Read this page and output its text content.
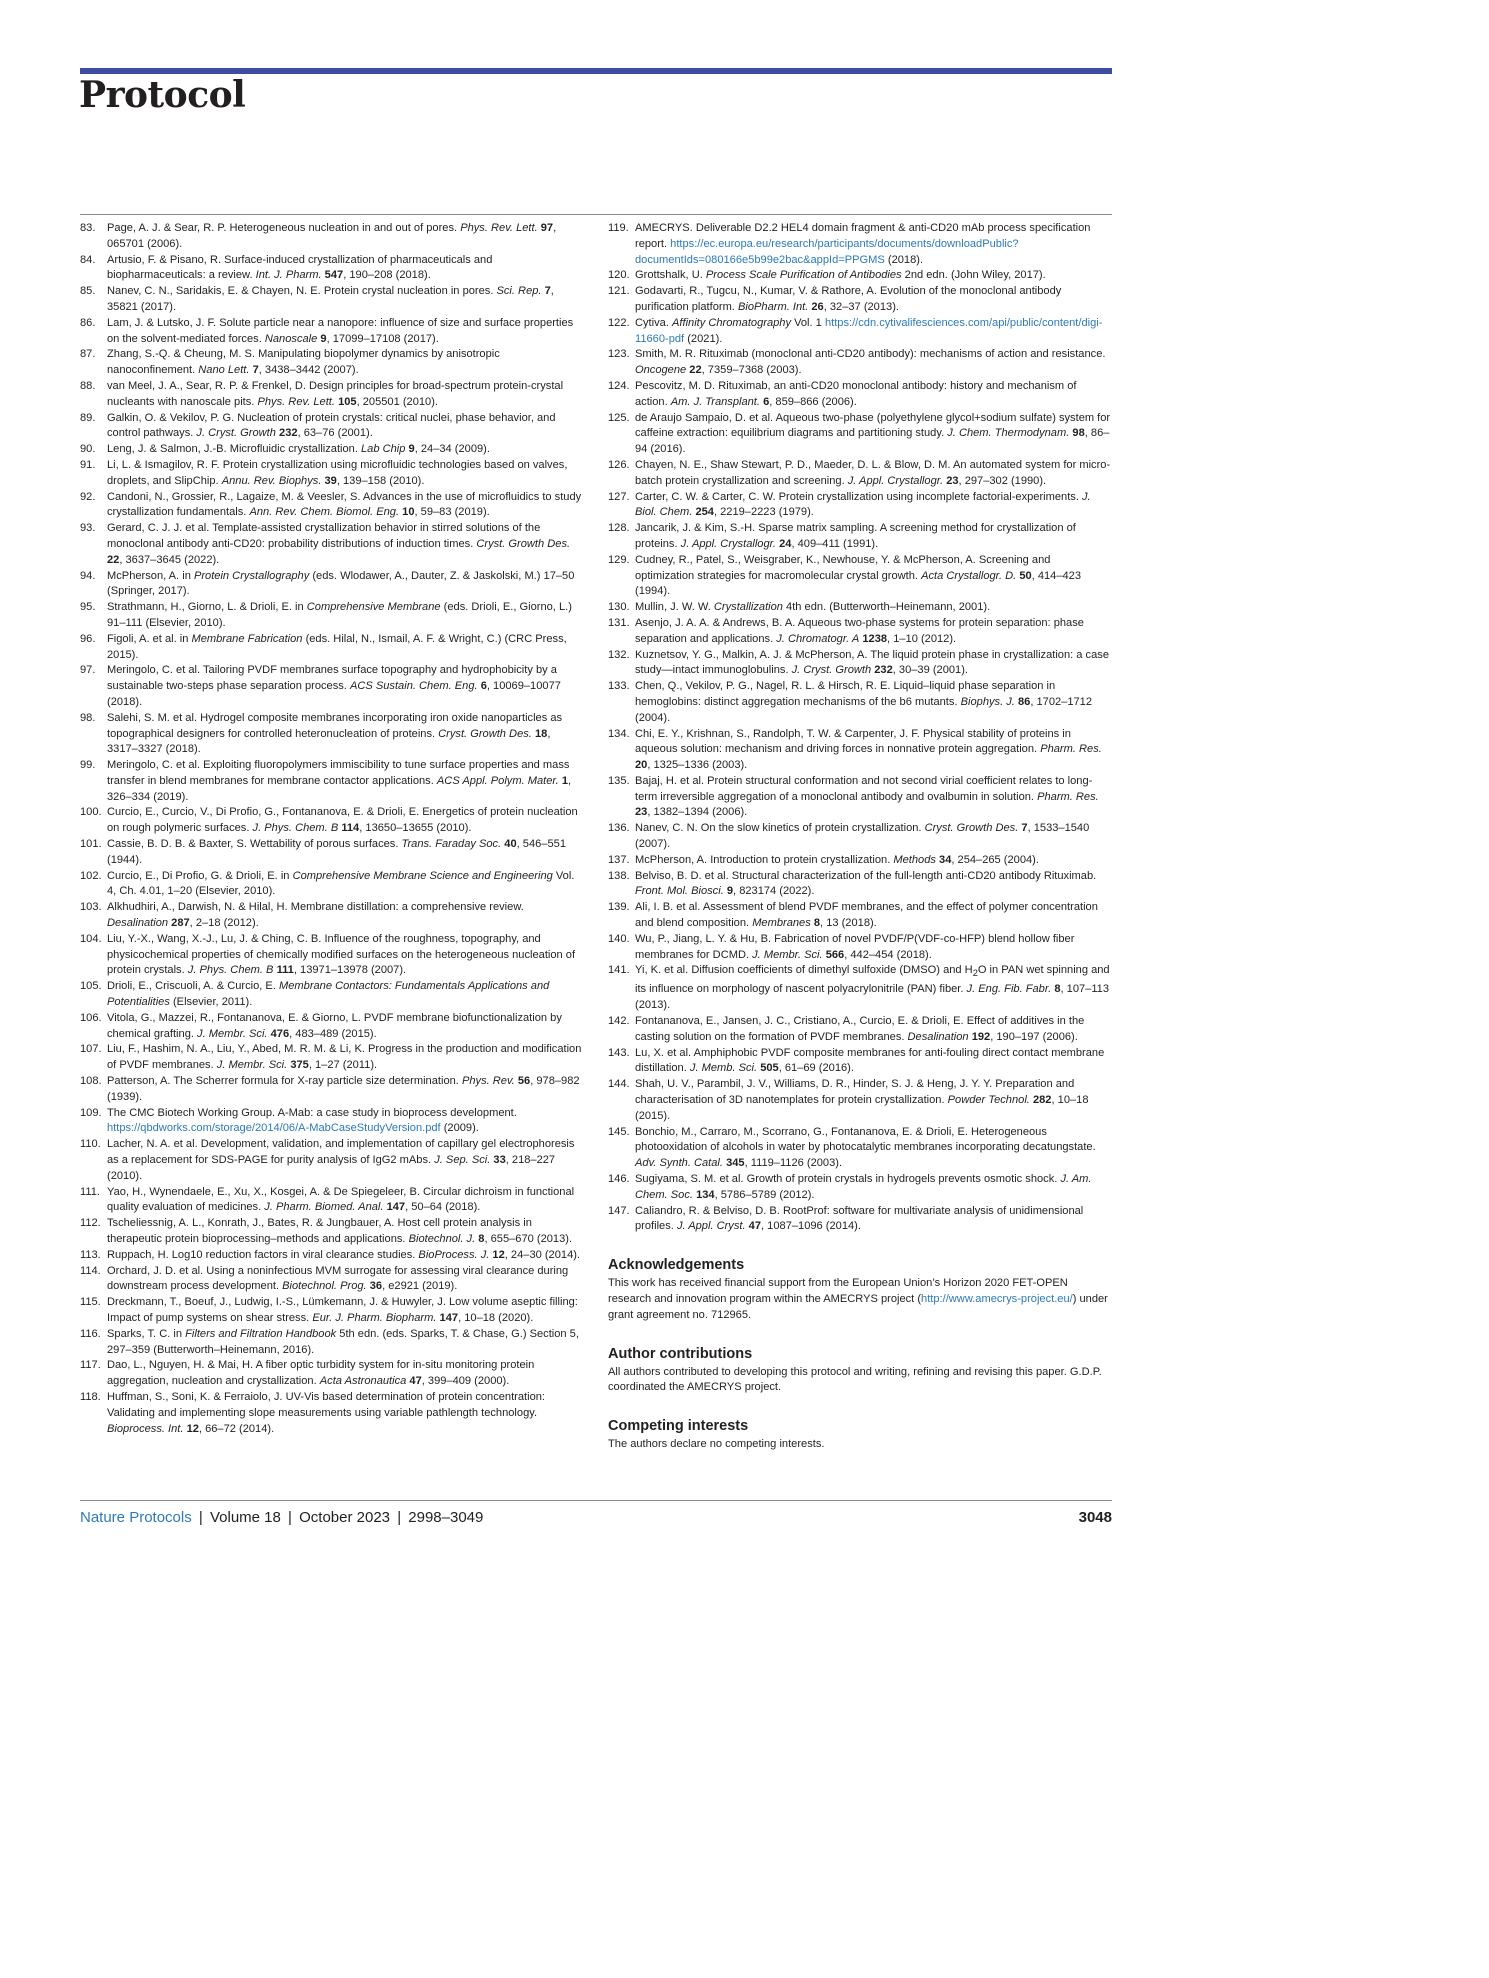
Protocol
83.	Page, A. J. & Sear, R. P. Heterogeneous nucleation in and out of pores. Phys. Rev. Lett. 97, 065701 (2006).
84.	Artusio, F. & Pisano, R. Surface-induced crystallization of pharmaceuticals and biopharmaceuticals: a review. Int. J. Pharm. 547, 190–208 (2018).
85.	Nanev, C. N., Saridakis, E. & Chayen, N. E. Protein crystal nucleation in pores. Sci. Rep. 7, 35821 (2017).
86.	Lam, J. & Lutsko, J. F. Solute particle near a nanopore: influence of size and surface properties on the solvent-mediated forces. Nanoscale 9, 17099–17108 (2017).
87.	Zhang, S.-Q. & Cheung, M. S. Manipulating biopolymer dynamics by anisotropic nanoconfinement. Nano Lett. 7, 3438–3442 (2007).
88.	van Meel, J. A., Sear, R. P. & Frenkel, D. Design principles for broad-spectrum protein-crystal nucleants with nanoscale pits. Phys. Rev. Lett. 105, 205501 (2010).
89.	Galkin, O. & Vekilov, P. G. Nucleation of protein crystals: critical nuclei, phase behavior, and control pathways. J. Cryst. Growth 232, 63–76 (2001).
90.	Leng, J. & Salmon, J.-B. Microfluidic crystallization. Lab Chip 9, 24–34 (2009).
91.	Li, L. & Ismagilov, R. F. Protein crystallization using microfluidic technologies based on valves, droplets, and SlipChip. Annu. Rev. Biophys. 39, 139–158 (2010).
92.	Candoni, N., Grossier, R., Lagaize, M. & Veesler, S. Advances in the use of microfluidics to study crystallization fundamentals. Ann. Rev. Chem. Biomol. Eng. 10, 59–83 (2019).
93.	Gerard, C. J. J. et al. Template-assisted crystallization behavior in stirred solutions of the monoclonal antibody anti-CD20: probability distributions of induction times. Cryst. Growth Des. 22, 3637–3645 (2022).
94.	McPherson, A. in Protein Crystallography (eds. Wlodawer, A., Dauter, Z. & Jaskolski, M.) 17–50 (Springer, 2017).
95.	Strathmann, H., Giorno, L. & Drioli, E. in Comprehensive Membrane (eds. Drioli, E., Giorno, L.) 91–111 (Elsevier, 2010).
96.	Figoli, A. et al. in Membrane Fabrication (eds. Hilal, N., Ismail, A. F. & Wright, C.) (CRC Press, 2015).
97.	Meringolo, C. et al. Tailoring PVDF membranes surface topography and hydrophobicity by a sustainable two-steps phase separation process. ACS Sustain. Chem. Eng. 6, 10069–10077 (2018).
98.	Salehi, S. M. et al. Hydrogel composite membranes incorporating iron oxide nanoparticles as topographical designers for controlled heteronucleation of proteins. Cryst. Growth Des. 18, 3317–3327 (2018).
99.	Meringolo, C. et al. Exploiting fluoropolymers immiscibility to tune surface properties and mass transfer in blend membranes for membrane contactor applications. ACS Appl. Polym. Mater. 1, 326–334 (2019).
100. Curcio, E., Curcio, V., Di Profio, G., Fontananova, E. & Drioli, E. Energetics of protein nucleation on rough polymeric surfaces. J. Phys. Chem. B 114, 13650–13655 (2010).
101. Cassie, B. D. B. & Baxter, S. Wettability of porous surfaces. Trans. Faraday Soc. 40, 546–551 (1944).
102. Curcio, E., Di Profio, G. & Drioli, E. in Comprehensive Membrane Science and Engineering Vol. 4, Ch. 4.01, 1–20 (Elsevier, 2010).
103. Alkhudhiri, A., Darwish, N. & Hilal, H. Membrane distillation: a comprehensive review. Desalination 287, 2–18 (2012).
104. Liu, Y.-X., Wang, X.-J., Lu, J. & Ching, C. B. Influence of the roughness, topography, and physicochemical properties of chemically modified surfaces on the heterogeneous nucleation of protein crystals. J. Phys. Chem. B 111, 13971–13978 (2007).
105. Drioli, E., Criscuoli, A. & Curcio, E. Membrane Contactors: Fundamentals Applications and Potentialities (Elsevier, 2011).
106. Vitola, G., Mazzei, R., Fontananova, E. & Giorno, L. PVDF membrane biofunctionalization by chemical grafting. J. Membr. Sci. 476, 483–489 (2015).
107. Liu, F., Hashim, N. A., Liu, Y., Abed, M. R. M. & Li, K. Progress in the production and modification of PVDF membranes. J. Membr. Sci. 375, 1–27 (2011).
108. Patterson, A. The Scherrer formula for X-ray particle size determination. Phys. Rev. 56, 978–982 (1939).
109. The CMC Biotech Working Group. A-Mab: a case study in bioprocess development. https://qbdworks.com/storage/2014/06/A-MabCaseStudyVersion.pdf (2009).
110. Lacher, N. A. et al. Development, validation, and implementation of capillary gel electrophoresis as a replacement for SDS-PAGE for purity analysis of IgG2 mAbs. J. Sep. Sci. 33, 218–227 (2010).
111. Yao, H., Wynendaele, E., Xu, X., Kosgei, A. & De Spiegeleer, B. Circular dichroism in functional quality evaluation of medicines. J. Pharm. Biomed. Anal. 147, 50–64 (2018).
112. Tscheliessnig, A. L., Konrath, J., Bates, R. & Jungbauer, A. Host cell protein analysis in therapeutic protein bioprocessing–methods and applications. Biotechnol. J. 8, 655–670 (2013).
113. Ruppach, H. Log10 reduction factors in viral clearance studies. BioProcess. J. 12, 24–30 (2014).
114. Orchard, J. D. et al. Using a noninfectious MVM surrogate for assessing viral clearance during downstream process development. Biotechnol. Prog. 36, e2921 (2019).
115. Dreckmann, T., Boeuf, J., Ludwig, I.-S., Lümkemann, J. & Huwyler, J. Low volume aseptic filling: Impact of pump systems on shear stress. Eur. J. Pharm. Biopharm. 147, 10–18 (2020).
116. Sparks, T. C. in Filters and Filtration Handbook 5th edn. (eds. Sparks, T. & Chase, G.) Section 5, 297–359 (Butterworth–Heinemann, 2016).
117. Dao, L., Nguyen, H. & Mai, H. A fiber optic turbidity system for in-situ monitoring protein aggregation, nucleation and crystallization. Acta Astronautica 47, 399–409 (2000).
118. Huffman, S., Soni, K. & Ferraiolo, J. UV-Vis based determination of protein concentration: Validating and implementing slope measurements using variable pathlength technology. Bioprocess. Int. 12, 66–72 (2014).
119. AMECRYS. Deliverable D2.2 HEL4 domain fragment & anti-CD20 mAb process specification report. https://ec.europa.eu/research/participants/documents/downloadPublic?documentIds=080166e5b99e2bac&appId=PPGMS (2018).
120. Grottshalk, U. Process Scale Purification of Antibodies 2nd edn. (John Wiley, 2017).
121. Godavarti, R., Tugcu, N., Kumar, V. & Rathore, A. Evolution of the monoclonal antibody purification platform. BioPharm. Int. 26, 32–37 (2013).
122. Cytiva. Affinity Chromatography Vol. 1 https://cdn.cytivalifesciences.com/api/public/content/digi-11660-pdf (2021).
123. Smith, M. R. Rituximab (monoclonal anti-CD20 antibody): mechanisms of action and resistance. Oncogene 22, 7359–7368 (2003).
124. Pescovitz, M. D. Rituximab, an anti-CD20 monoclonal antibody: history and mechanism of action. Am. J. Transplant. 6, 859–866 (2006).
125. de Araujo Sampaio, D. et al. Aqueous two-phase (polyethylene glycol+sodium sulfate) system for caffeine extraction: equilibrium diagrams and partitioning study. J. Chem. Thermodynam. 98, 86–94 (2016).
126. Chayen, N. E., Shaw Stewart, P. D., Maeder, D. L. & Blow, D. M. An automated system for micro-batch protein crystallization and screening. J. Appl. Crystallogr. 23, 297–302 (1990).
127. Carter, C. W. & Carter, C. W. Protein crystallization using incomplete factorial-experiments. J. Biol. Chem. 254, 2219–2223 (1979).
128. Jancarik, J. & Kim, S.-H. Sparse matrix sampling. A screening method for crystallization of proteins. J. Appl. Crystallogr. 24, 409–411 (1991).
129. Cudney, R., Patel, S., Weisgraber, K., Newhouse, Y. & McPherson, A. Screening and optimization strategies for macromolecular crystal growth. Acta Crystallogr. D. 50, 414–423 (1994).
130. Mullin, J. W. W. Crystallization 4th edn. (Butterworth–Heinemann, 2001).
131. Asenjo, J. A. A. & Andrews, B. A. Aqueous two-phase systems for protein separation: phase separation and applications. J. Chromatogr. A 1238, 1–10 (2012).
132. Kuznetsov, Y. G., Malkin, A. J. & McPherson, A. The liquid protein phase in crystallization: a case study—intact immunoglobulins. J. Cryst. Growth 232, 30–39 (2001).
133. Chen, Q., Vekilov, P. G., Nagel, R. L. & Hirsch, R. E. Liquid–liquid phase separation in hemoglobins: distinct aggregation mechanisms of the b6 mutants. Biophys. J. 86, 1702–1712 (2004).
134. Chi, E. Y., Krishnan, S., Randolph, T. W. & Carpenter, J. F. Physical stability of proteins in aqueous solution: mechanism and driving forces in nonnative protein aggregation. Pharm. Res. 20, 1325–1336 (2003).
135. Bajaj, H. et al. Protein structural conformation and not second virial coefficient relates to long-term irreversible aggregation of a monoclonal antibody and ovalbumin in solution. Pharm. Res. 23, 1382–1394 (2006).
136. Nanev, C. N. On the slow kinetics of protein crystallization. Cryst. Growth Des. 7, 1533–1540 (2007).
137. McPherson, A. Introduction to protein crystallization. Methods 34, 254–265 (2004).
138. Belviso, B. D. et al. Structural characterization of the full-length anti-CD20 antibody Rituximab. Front. Mol. Biosci. 9, 823174 (2022).
139. Ali, I. B. et al. Assessment of blend PVDF membranes, and the effect of polymer concentration and blend composition. Membranes 8, 13 (2018).
140. Wu, P., Jiang, L. Y. & Hu, B. Fabrication of novel PVDF/P(VDF-co-HFP) blend hollow fiber membranes for DCMD. J. Membr. Sci. 566, 442–454 (2018).
141. Yi, K. et al. Diffusion coefficients of dimethyl sulfoxide (DMSO) and $H_2O$ in PAN wet spinning and its influence on morphology of nascent polyacrylonitrile (PAN) fiber. J. Eng. Fib. Fabr. 8, 107–113 (2013).
142. Fontananova, E., Jansen, J. C., Cristiano, A., Curcio, E. & Drioli, E. Effect of additives in the casting solution on the formation of PVDF membranes. Desalination 192, 190–197 (2006).
143. Lu, X. et al. Amphiphobic PVDF composite membranes for anti-fouling direct contact membrane distillation. J. Memb. Sci. 505, 61–69 (2016).
144. Shah, U. V., Parambil, J. V., Williams, D. R., Hinder, S. J. & Heng, J. Y. Y. Preparation and characterisation of 3D nanotemplates for protein crystallization. Powder Technol. 282, 10–18 (2015).
145. Bonchio, M., Carraro, M., Scorrano, G., Fontananova, E. & Drioli, E. Heterogeneous photooxidation of alcohols in water by photocatalytic membranes incorporating decatungstate. Adv. Synth. Catal. 345, 1119–1126 (2003).
146. Sugiyama, S. M. et al. Growth of protein crystals in hydrogels prevents osmotic shock. J. Am. Chem. Soc. 134, 5786–5789 (2012).
147. Caliandro, R. & Belviso, D. B. RootProf: software for multivariate analysis of unidimensional profiles. J. Appl. Cryst. 47, 1087–1096 (2014).
Acknowledgements

This work has received financial support from the European Union’s Horizon 2020 FET-OPEN research and innovation program within the AMECRYS project (http://www.amecrys-project.eu/) under grant agreement no. 712965.

Author contributions

All authors contributed to developing this protocol and writing, refining and revising this paper. G.D.P. coordinated the AMECRYS project.

Competing interests

The authors declare no competing interests.

Nature Protocols | Volume 18 | October 2023 | 2998–3049	3048
